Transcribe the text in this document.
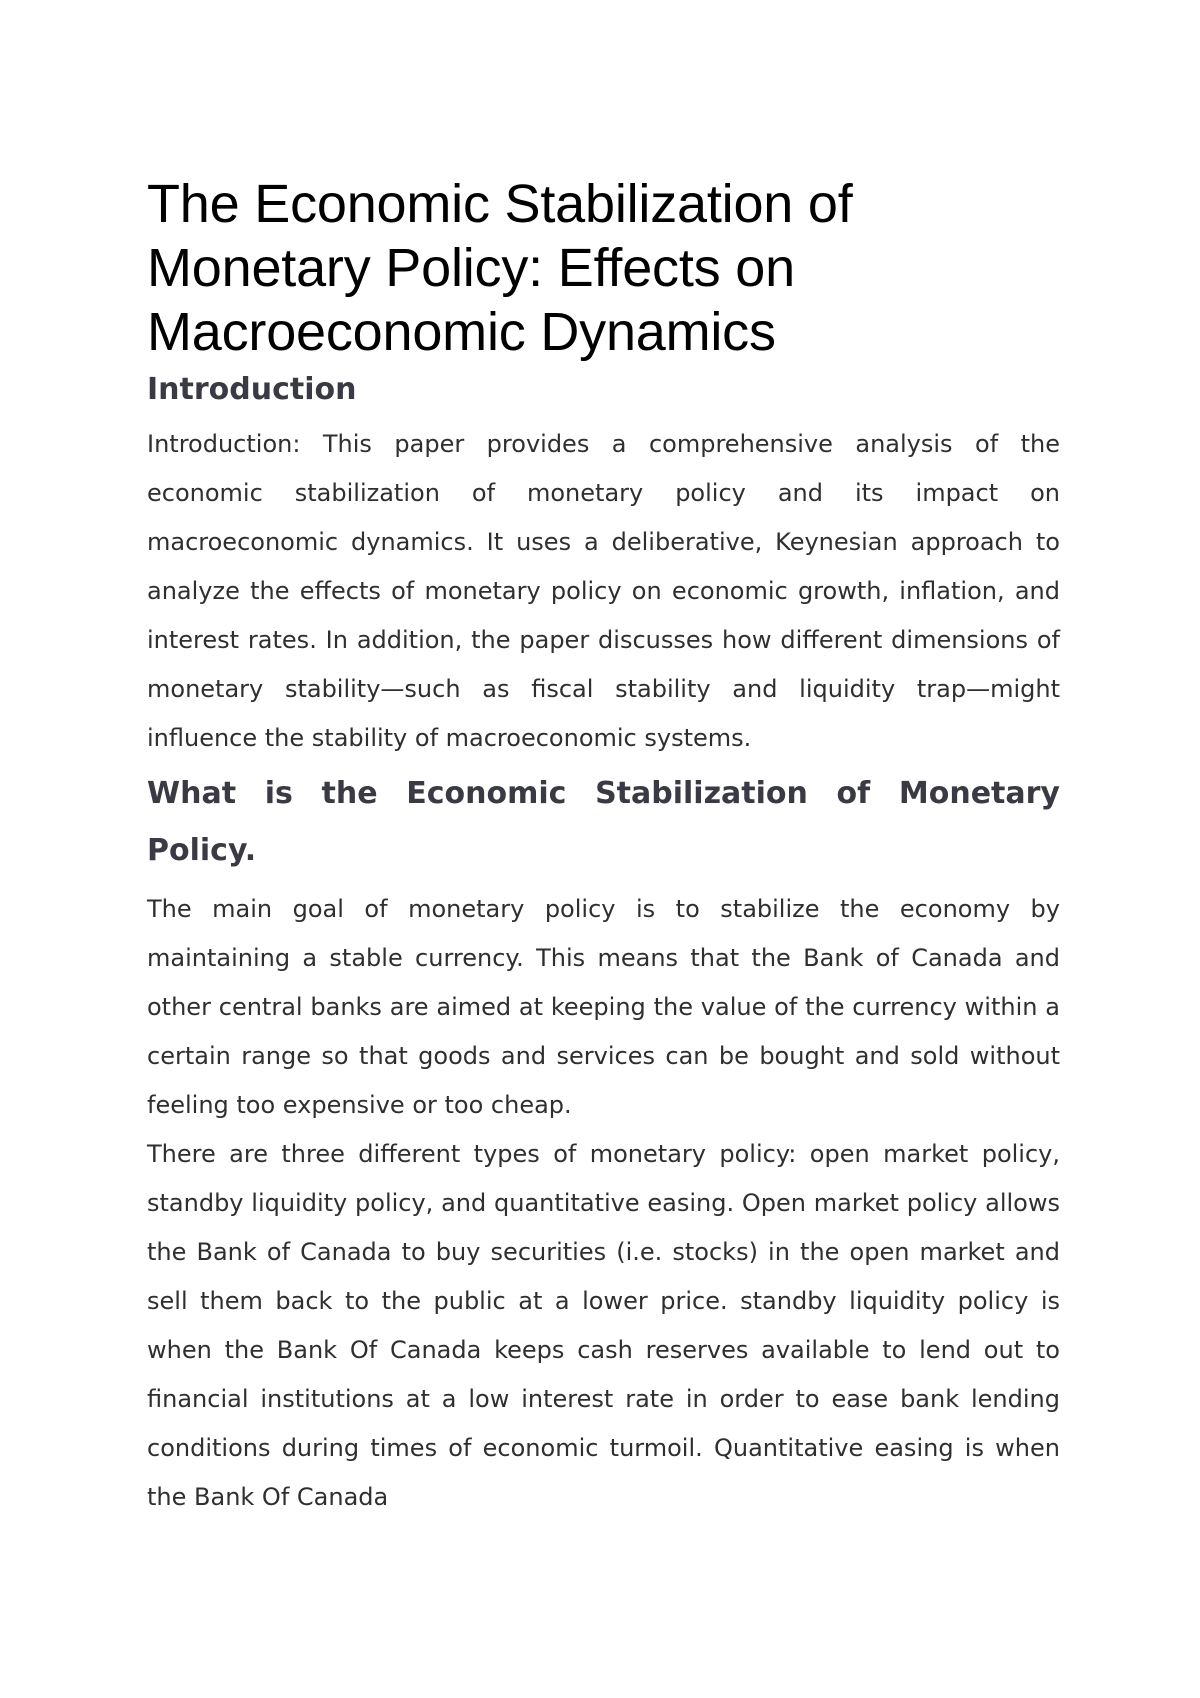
The Economic Stabilization of Monetary Policy: Effects on Macroeconomic Dynamics
Introduction

Introduction: This paper provides a comprehensive analysis of the economic stabilization of monetary policy and its impact on macroeconomic dynamics. It uses a deliberative, Keynesian approach to analyze the effects of monetary policy on economic growth, inflation, and interest rates. In addition, the paper discusses how different dimensions of monetary stability—such as fiscal stability and liquidity trap—might influence the stability of macroeconomic systems.

What is the Economic Stabilization of Monetary Policy.

The main goal of monetary policy is to stabilize the economy by maintaining a stable currency. This means that the Bank of Canada and other central banks are aimed at keeping the value of the currency within a certain range so that goods and services can be bought and sold without feeling too expensive or too cheap.

There are three different types of monetary policy: open market policy, standby liquidity policy, and quantitative easing. Open market policy allows the Bank of Canada to buy securities (i.e. stocks) in the open market and sell them back to the public at a lower price. standby liquidity policy is when the Bank Of Canada keeps cash reserves available to lend out to financial institutions at a low interest rate in order to ease bank lending conditions during times of economic turmoil. Quantitative easing is when the Bank Of Canada
